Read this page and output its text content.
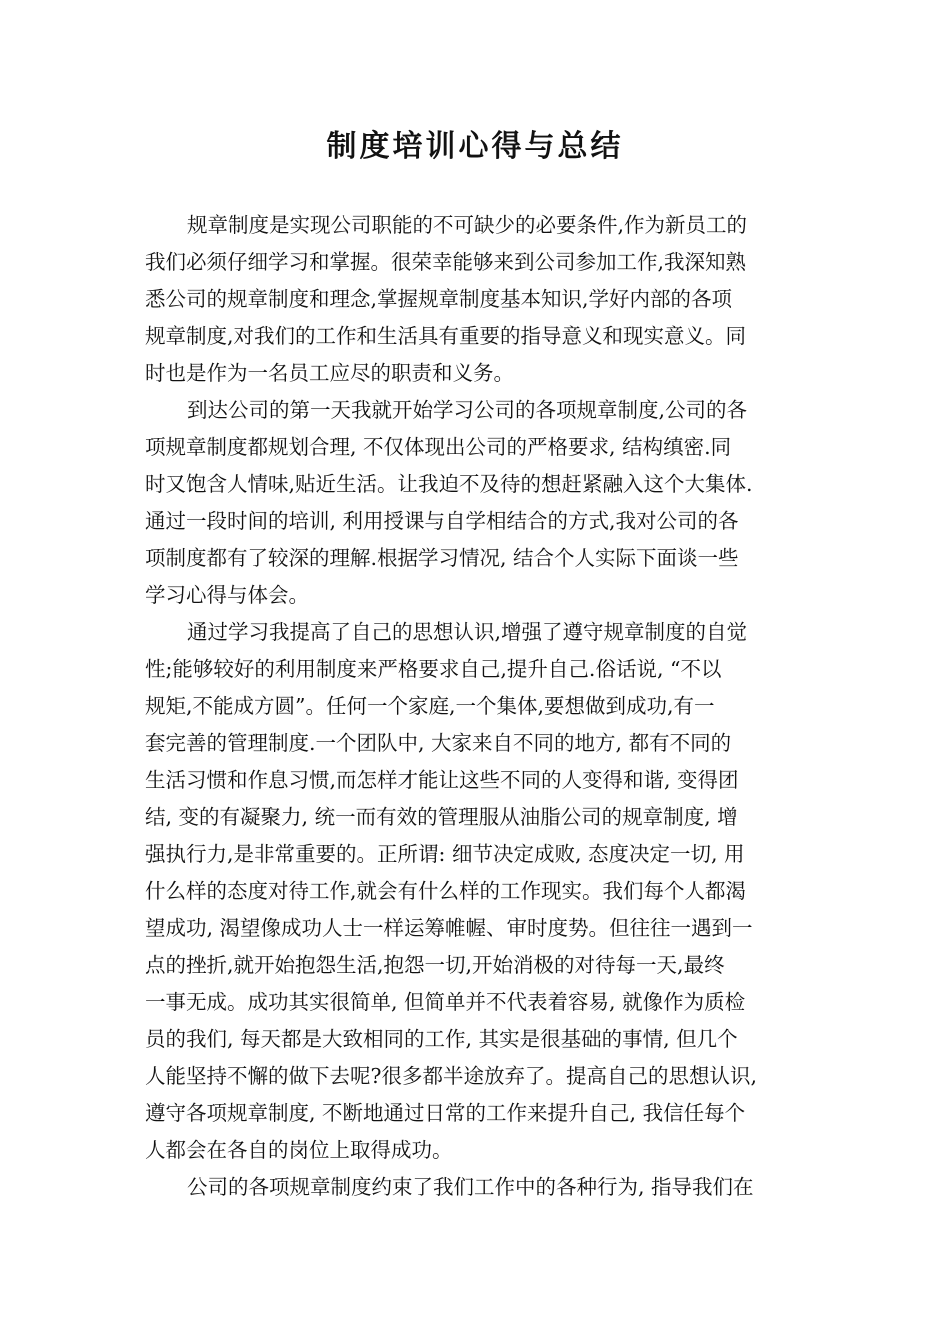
制度培训心得与总结
规章制度是实现公司职能的不可缺少的必要条件,作为新员工的
我们必须仔细学习和掌握。很荣幸能够来到公司参加工作,我深知熟
悉公司的规章制度和理念,掌握规章制度基本知识,学好内部的各项
规章制度,对我们的工作和生活具有重要的指导意义和现实意义。同
时也是作为一名员工应尽的职责和义务。
到达公司的第一天我就开始学习公司的各项规章制度,公司的各
项规章制度都规划合理, 不仅体现出公司的严格要求, 结构缜密.同
时又饱含人情味,贴近生活。让我迫不及待的想赶紧融入这个大集体.
通过一段时间的培训, 利用授课与自学相结合的方式,我对公司的各
项制度都有了较深的理解.根据学习情况, 结合个人实际下面谈一些
学习心得与体会。
通过学习我提高了自己的思想认识,增强了遵守规章制度的自觉
性;能够较好的利用制度来严格要求自己,提升自己.俗话说, “不以
规矩,不能成方圆”。任何一个家庭,一个集体,要想做到成功,有一
套完善的管理制度.一个团队中, 大家来自不同的地方, 都有不同的
生活习惯和作息习惯,而怎样才能让这些不同的人变得和谐, 变得团
结, 变的有凝聚力, 统一而有效的管理服从油脂公司的规章制度, 增
强执行力,是非常重要的。正所谓: 细节决定成败, 态度决定一切, 用
什么样的态度对待工作,就会有什么样的工作现实。我们每个人都渴
望成功, 渴望像成功人士一样运筹帷幄、审时度势。但往往一遇到一
点的挫折,就开始抱怨生活,抱怨一切,开始消极的对待每一天,最终
一事无成。成功其实很简单, 但简单并不代表着容易, 就像作为质检
员的我们, 每天都是大致相同的工作, 其实是很基础的事情, 但几个
人能坚持不懈的做下去呢?很多都半途放弃了。提高自己的思想认识,
遵守各项规章制度, 不断地通过日常的工作来提升自己, 我信任每个
人都会在各自的岗位上取得成功。
公司的各项规章制度约束了我们工作中的各种行为, 指导我们在
